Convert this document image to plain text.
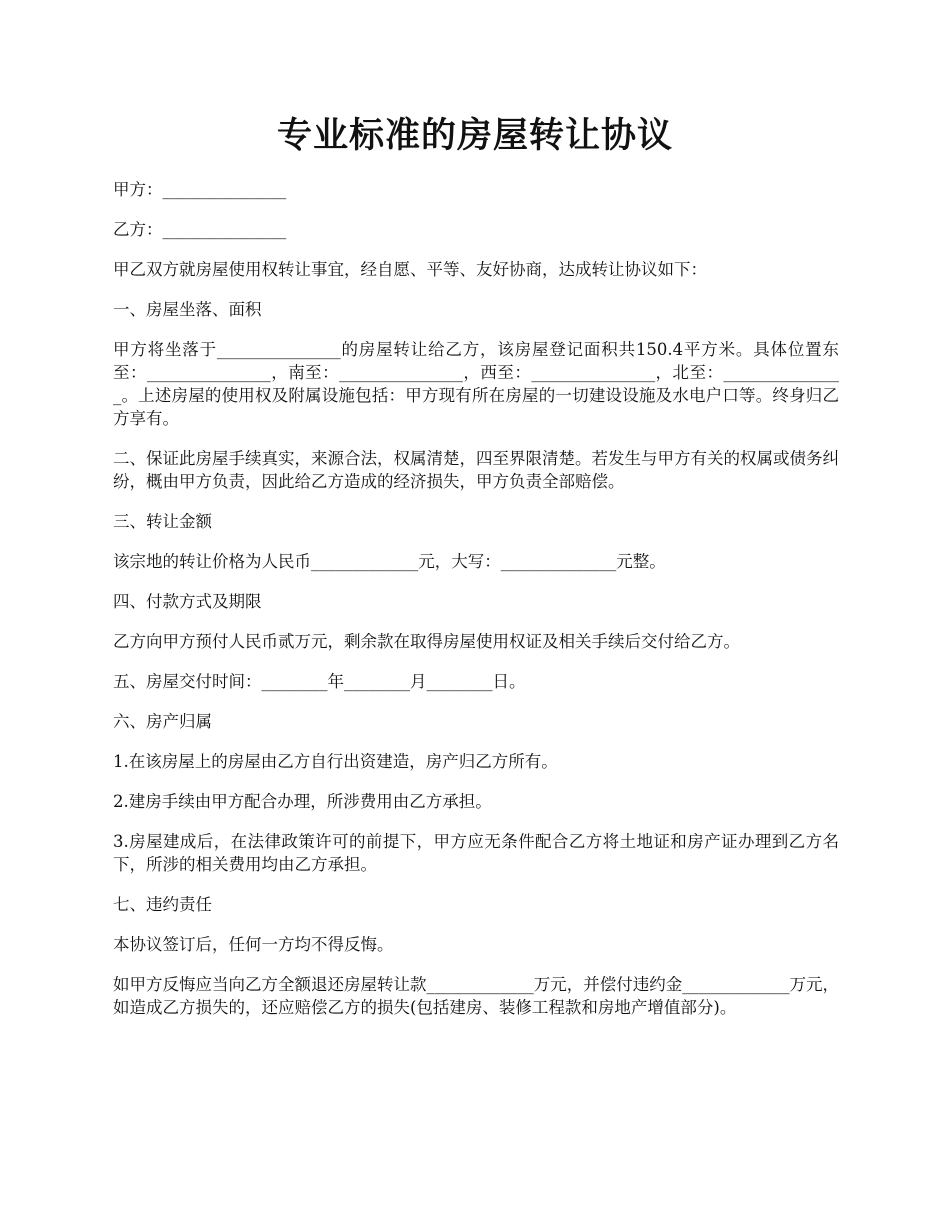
专业标准的房屋转让协议

甲方：_______________

乙方：_______________

甲乙双方就房屋使用权转让事宜，经自愿、平等、友好协商，达成转让协议如下：

一、房屋坐落、面积

甲方将坐落于_______________的房屋转让给乙方，该房屋登记面积共150.4平方米。具体位置东至：_______________，南至：_______________，西至：_______________，北至：_______________。上述房屋的使用权及附属设施包括：甲方现有所在房屋的一切建设设施及水电户口等。终身归乙方享有。

二、保证此房屋手续真实，来源合法，权属清楚，四至界限清楚。若发生与甲方有关的权属或债务纠纷，概由甲方负责，因此给乙方造成的经济损失，甲方负责全部赔偿。

三、转让金额

该宗地的转让价格为人民币_____________元，大写：______________元整。

四、付款方式及期限

乙方向甲方预付人民币贰万元，剩余款在取得房屋使用权证及相关手续后交付给乙方。

五、房屋交付时间：________年________月________日。

六、房产归属

1.在该房屋上的房屋由乙方自行出资建造，房产归乙方所有。

2.建房手续由甲方配合办理，所涉费用由乙方承担。

3.房屋建成后，在法律政策许可的前提下，甲方应无条件配合乙方将土地证和房产证办理到乙方名下，所涉的相关费用均由乙方承担。

七、违约责任

本协议签订后，任何一方均不得反悔。

如甲方反悔应当向乙方全额退还房屋转让款_____________万元，并偿付违约金_____________万元，如造成乙方损失的，还应赔偿乙方的损失(包括建房、装修工程款和房地产增值部分)。
